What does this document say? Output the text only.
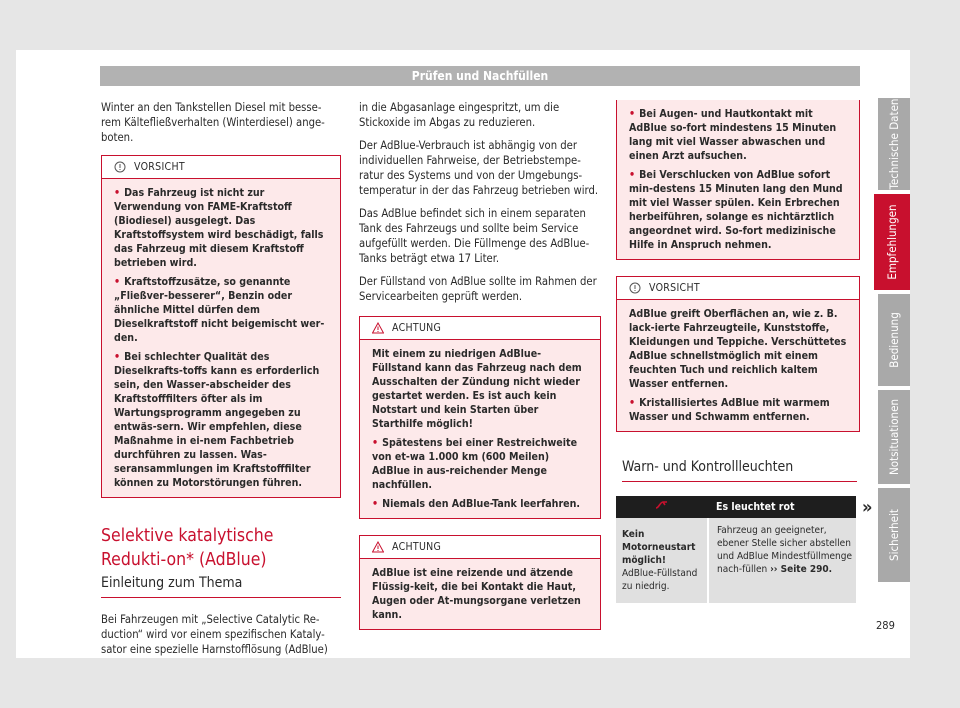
Prüfen und Nachfüllen
Technische Daten
Empfehlungen
Bedienung
Notsituationen
Sicherheit

Winter an den Tankstellen Diesel mit besse-rem Kältefließverhalten (Winterdiesel) ange-boten.

VORSICHT

• Das Fahrzeug ist nicht zur Verwendung von FAME-Kraftstoff (Biodiesel) ausgelegt. Das Kraftstoffsystem wird beschädigt, falls das Fahrzeug mit diesem Kraftstoff betrieben wird.

• Kraftstoffzusätze, so genannte „Fließver-besserer“, Benzin oder ähnliche Mittel dürfen dem Dieselkraftstoff nicht beigemischt wer-den.

• Bei schlechter Qualität des Dieselkrafts-toffs kann es erforderlich sein, den Wasser-abscheider des Kraftstofffilters öfter als im Wartungsprogramm angegeben zu entwäs-sern. Wir empfehlen, diese Maßnahme in ei-nem Fachbetrieb durchführen zu lassen. Was-seransammlungen im Kraftstofffilter können zu Motorstörungen führen.

Selektive katalytische Redukti-on* (AdBlue)
Einleitung zum Thema

Bei Fahrzeugen mit „Selective Catalytic Re-duction“ wird vor einem spezifischen Kataly-sator eine spezielle Harnstofflösung (AdBlue)

in die Abgasanlage eingespritzt, um die Stickoxide im Abgas zu reduzieren.

Der AdBlue-Verbrauch ist abhängig von der individuellen Fahrweise, der Betriebstempe-ratur des Systems und von der Umgebungs-temperatur in der das Fahrzeug betrieben wird.

Das AdBlue befindet sich in einem separaten Tank des Fahrzeugs und sollte beim Service aufgefüllt werden. Die Füllmenge des AdBlue-Tanks beträgt etwa 17 Liter.

Der Füllstand von AdBlue sollte im Rahmen der Servicearbeiten geprüft werden.

ACHTUNG

Mit einem zu niedrigen AdBlue-Füllstand kann das Fahrzeug nach dem Ausschalten der Zündung nicht wieder gestartet werden. Es ist auch kein Notstart und kein Starten über Starthilfe möglich!

• Spätestens bei einer Restreichweite von et-wa 1.000 km (600 Meilen) AdBlue in aus-reichender Menge nachfüllen.

• Niemals den AdBlue-Tank leerfahren.

ACHTUNG

AdBlue ist eine reizende und ätzende Flüssig-keit, die bei Kontakt die Haut, Augen oder At-mungsorgane verletzen kann.

• Bei Augen- und Hautkontakt mit AdBlue so-fort mindestens 15 Minuten lang mit viel Wasser abwaschen und einen Arzt aufsuchen.

• Bei Verschlucken von AdBlue sofort min-destens 15 Minuten lang den Mund mit viel Wasser spülen. Kein Erbrechen herbeiführen, solange es nichtärztlich angeordnet wird. So-fort medizinische Hilfe in Anspruch nehmen.

VORSICHT

AdBlue greift Oberflächen an, wie z. B. lack-ierte Fahrzeugteile, Kunststoffe, Kleidungen und Teppiche. Verschüttetes AdBlue schnellstmöglich mit einem feuchten Tuch und reichlich kaltem Wasser entfernen.

• Kristallisiertes AdBlue mit warmem Wasser und Schwamm entfernen.

Warn- und Kontrollleuchten
	Es leuchtet rot
Kein Motorneustart möglich! AdBlue-Füllstand zu niedrig.	Fahrzeug an geeigneter, ebener Stelle sicher abstellen und AdBlue Mindestfüllmenge nach-füllen ›› Seite 290.
»
289
